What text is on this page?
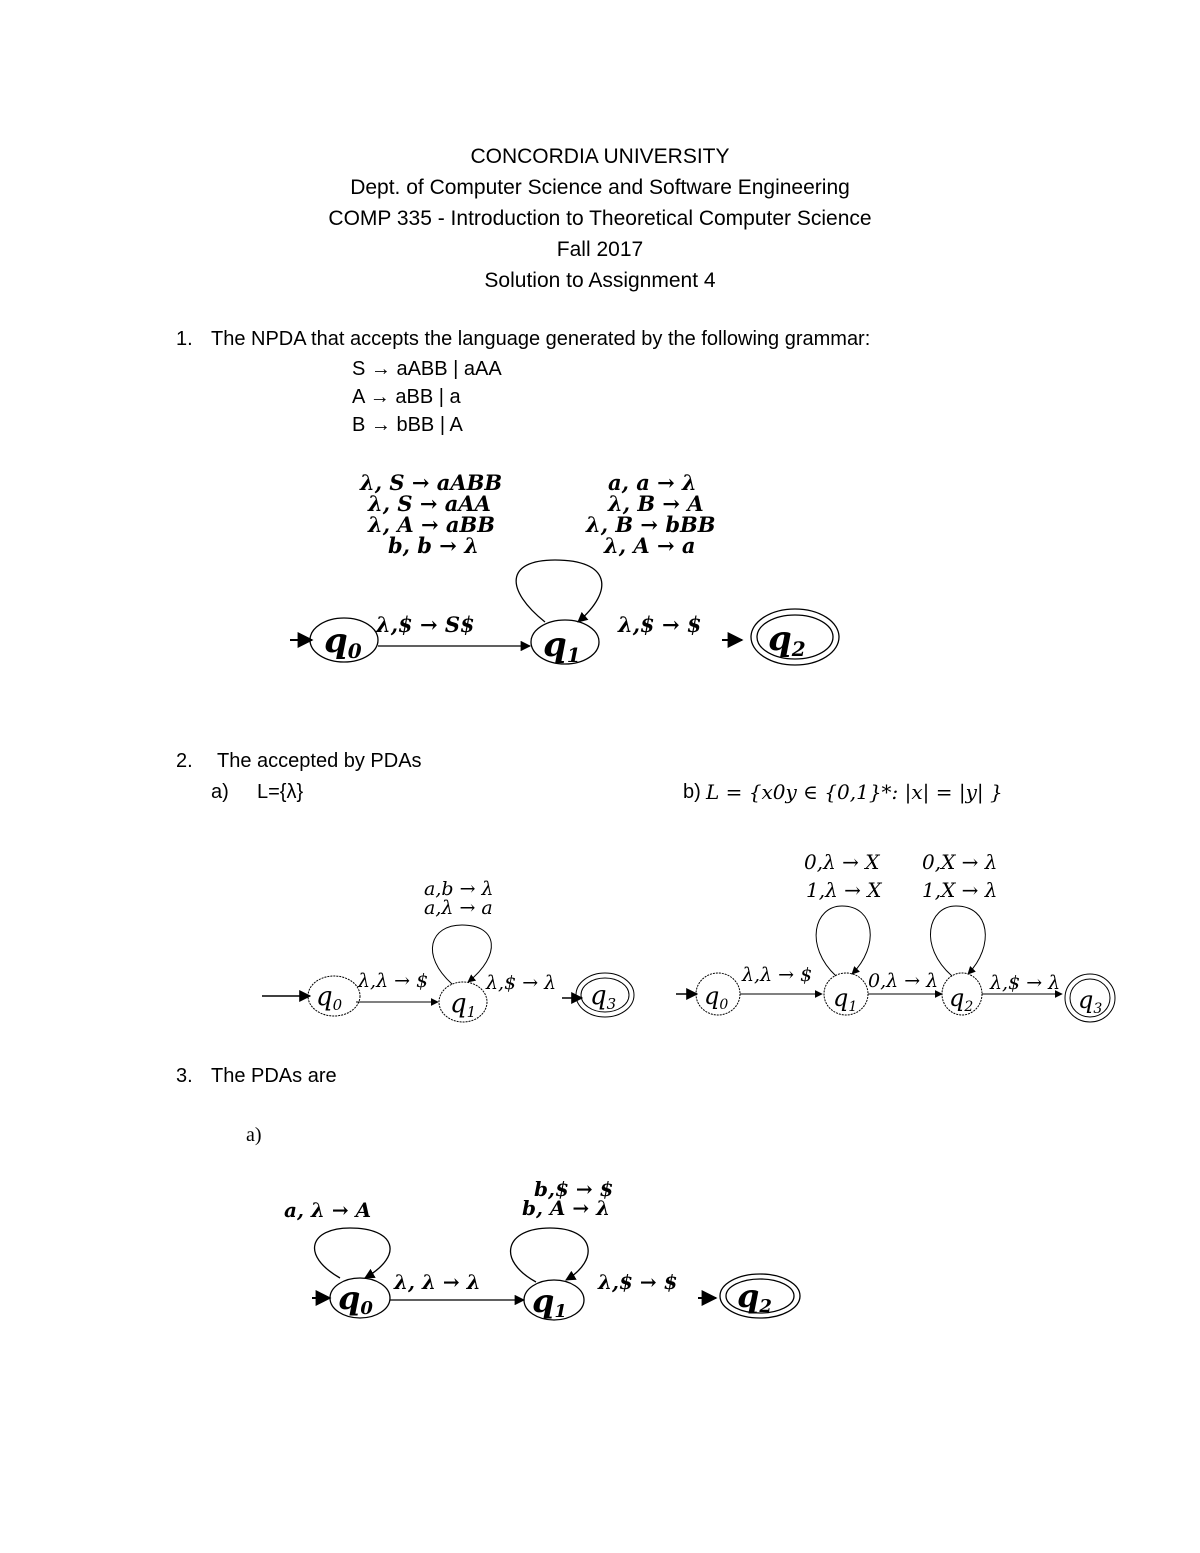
CONCORDIA UNIVERSITY
Dept. of Computer Science and Software Engineering
COMP 335 - Introduction to Theoretical Computer Science
Fall 2017
Solution to Assignment 4
1. The NPDA that accepts the language generated by the following grammar:
S → aABB | aAA
A → aBB | a
B → bBB | A
λ, S → aABB
λ, S → aAA
λ, A → aBB
b, b → λ
a, a → λ
λ, B → A
λ, B → bBB
λ, A → a
λ,$ → S$	λ,$ → $
q0	q1	q2
q0	q1
q3	$q_0$	$q_1$	$q_2$	$q_3$
q0	q1	q2
2. The accepted by PDAs
a) L={λ}	b) L = {x0y ∈ {0,1}*: |x| = |y| }
a,b → λ
a,λ → a
λ,λ → $	λ,$ → λ
0,λ → X
1,λ → X
0,X → λ
1,X → λ
λ,λ → $	0,λ → λ	λ,$ → λ
3. The PDAs are
a)
a, λ → A
b,$ → $
b, A → λ
λ, λ → λ	λ,$ → $
